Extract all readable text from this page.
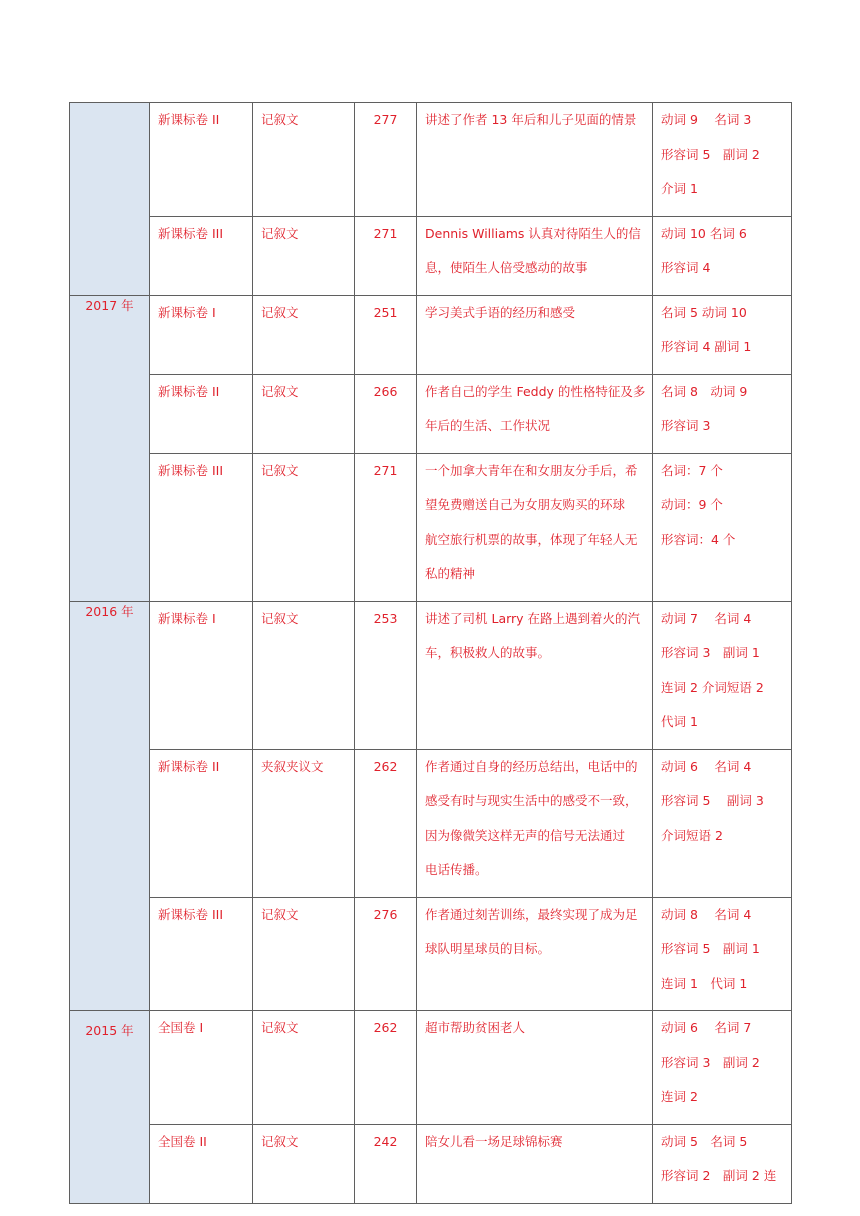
	新课标卷 II	记叙文	277	讲述了作者 13 年后和儿子见面的情景	动词 9　 名词 3
形容词 5　副词 2
介词 1

	新课标卷 III	记叙文	271	Dennis Williams 认真对待陌生人的信
息，使陌生人倍受感动的故事	动词 10 名词 6
形容词 4

2017 年	新课标卷 I	记叙文	251	学习美式手语的经历和感受	名词 5 动词 10
形容词 4 副词 1

	新课标卷 II	记叙文	266	作者自己的学生 Feddy 的性格特征及多
年后的生活、工作状况	名词 8　动词 9
形容词 3

	新课标卷 III	记叙文	271	一个加拿大青年在和女朋友分手后，希
望免费赠送自己为女朋友购买的环球
航空旅行机票的故事，体现了年轻人无
私的精神	名词：7 个
动词：9 个
形容词：4 个

2016 年	新课标卷 I	记叙文	253	讲述了司机 Larry 在路上遇到着火的汽
车，积极救人的故事。	动词 7　 名词 4
形容词 3　副词 1
连词 2 介词短语 2
代词 1

	新课标卷 II	夹叙夹议文	262	作者通过自身的经历总结出，电话中的
感受有时与现实生活中的感受不一致，
因为像微笑这样无声的信号无法通过
电话传播。	动词 6　 名词 4
形容词 5　 副词 3
介词短语 2

	新课标卷 III	记叙文	276	作者通过刻苦训练，最终实现了成为足
球队明星球员的目标。	动词 8　 名词 4
形容词 5　副词 1
连词 1　代词 1

2015 年	全国卷 I	记叙文	262	超市帮助贫困老人	动词 6　 名词 7
形容词 3　副词 2
连词 2

	全国卷 II	记叙文	242	陪女儿看一场足球锦标赛	动词 5　名词 5
形容词 2　副词 2 连
